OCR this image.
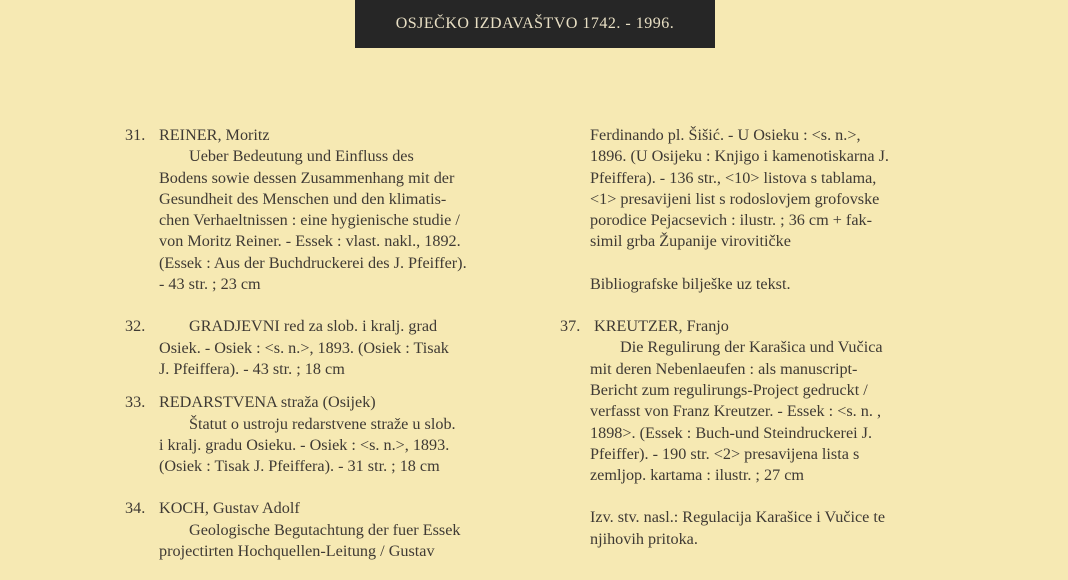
OSJEČKO IZDAVAŠTVO 1742. - 1996.
31. REINER, Moritz
Ueber Bedeutung und Einfluss des
Bodens sowie dessen Zusammenhang mit der
Gesundheit des Menschen und den klimatis-
chen Verhaeltnissen : eine hygienische studie /
von Moritz Reiner. - Essek : vlast. nakl., 1892.
(Essek : Aus der Buchdruckerei des J. Pfeiffer).
- 43 str. ; 23 cm
32.	GRADJEVNI red za slob. i kralj. grad
Osiek. - Osiek : <s. n.>, 1893. (Osiek : Tisak
J. Pfeiffera). - 43 str. ; 18 cm
33. REDARSTVENA straža (Osijek)
Štatut o ustroju redarstvene straže u slob.
i kralj. gradu Osieku. - Osiek : <s. n.>, 1893.
(Osiek : Tisak J. Pfeiffera). - 31 str. ; 18 cm
34. KOCH, Gustav Adolf
Geologische Begutachtung der fuer Essek
projectirten Hochquellen-Leitung / Gustav
Ferdinando pl. Šišić. - U Osieku : <s. n.>,
1896. (U Osijeku : Knjigo i kamenotiskarna J.
Pfeiffera). - 136 str., <10> listova s tablama,
<1> presavijeni list s rodoslovjem grofovske
porodice Pejacsevich : ilustr. ; 36 cm + fak-
simil grba Županije virovitičke
Bibliografske bilješke uz tekst.
37. KREUTZER, Franjo
Die Regulirung der Karašica und Vučica
mit deren Nebenlaeufen : als manuscript-
Bericht zum regulirungs-Project gedruckt /
verfasst von Franz Kreutzer. - Essek : <s. n. ,
1898>. (Essek : Buch-und Steindruckerei J.
Pfeiffer). - 190 str. <2> presavijena lista s
zemljop. kartama : ilustr. ; 27 cm
Izv. stv. nasl.: Regulacija Karašice i Vučice te
njihovih pritoka.
